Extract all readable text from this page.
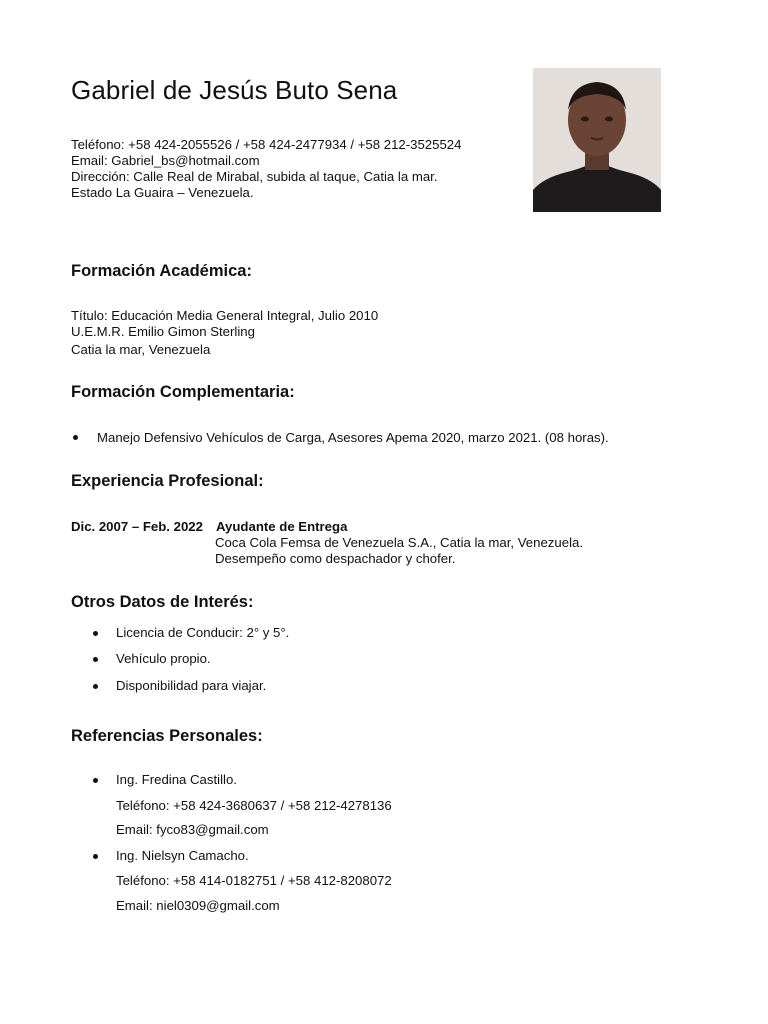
Gabriel de Jesús Buto Sena
Teléfono: +58 424-2055526 / +58 424-2477934 / +58 212-3525524
Email: Gabriel_bs@hotmail.com
Dirección: Calle Real de Mirabal, subida al taque, Catia la mar.
Estado La Guaira – Venezuela.
Formación Académica:
Título: Educación Media General Integral, Julio 2010
U.E.M.R. Emilio Gimon Sterling
Catia la mar, Venezuela
Formación Complementaria:
Manejo Defensivo Vehículos de Carga, Asesores Apema 2020, marzo 2021. (08 horas).
Experiencia Profesional:
Dic. 2007 – Feb. 2022 Ayudante de Entrega
Coca Cola Femsa de Venezuela S.A., Catia la mar, Venezuela.
Desempeño como despachador y chofer.
Otros Datos de Interés:
Licencia de Conducir: 2° y 5°.
Vehículo propio.
Disponibilidad para viajar.
Referencias Personales:
Ing. Fredina Castillo.
Teléfono: +58 424-3680637 / +58 212-4278136
Email: fyco83@gmail.com
Ing. Nielsyn Camacho.
Teléfono: +58 414-0182751 / +58 412-8208072
Email: niel0309@gmail.com
